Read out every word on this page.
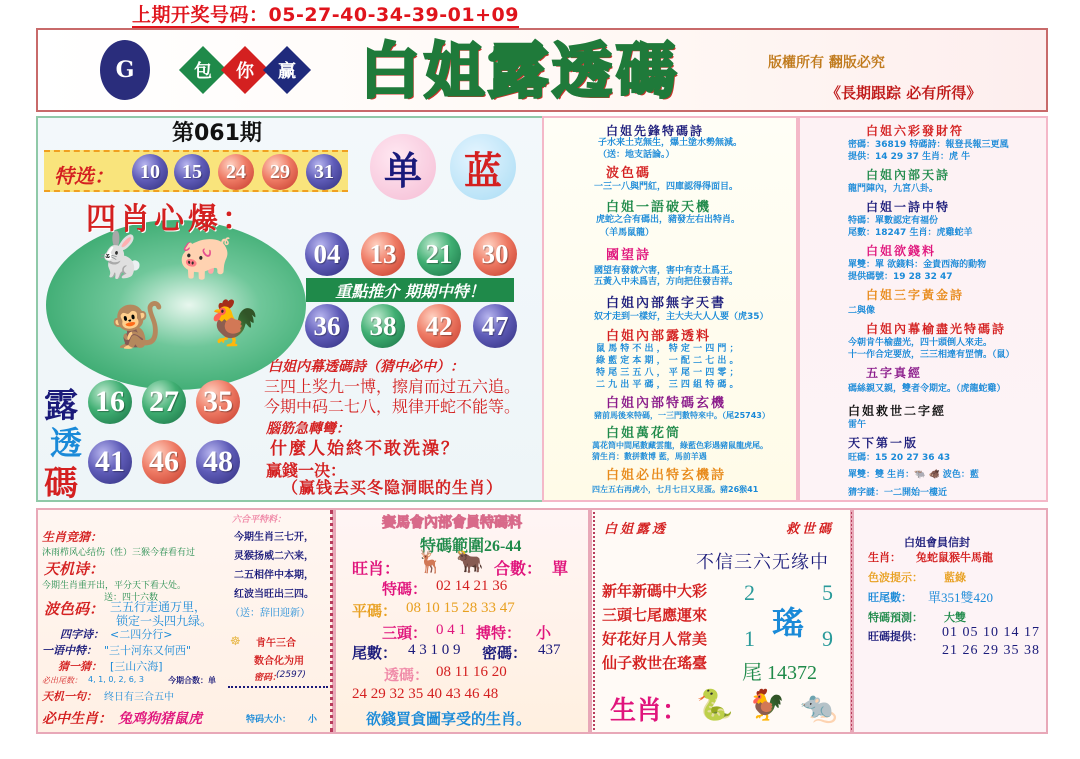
上期开奖号码：05-27-40-34-39-01+09
G	包	你	赢 白姐露透碼	版權所有 翻版必究
《長期跟踪 必有所得》
第061期
特选：	10	15	24	29	31	单	蓝
四肖心爆：
🐇 🐖
🐒 🐓
04	13	21	30
重點推介 期期中特！
36	38	42	47
露
透
碼
16 27 35
41 46 48
白姐内幕透碼詩（猜中必中）：
三四上奖九一博，擦肩而过五六追。
今期中码二七八，规律开蛇不能等。
腦筋急轉彎：
什麼人始終不敢洗澡？
赢錢一决：
（赢钱去买冬隐洞眠的生肖）
白姐先鋒特碼詩
子水来土克無生，爆土塗水勢無減。
（送：地支話論。）
波色碼
一三一八與門紅，四庫認得得面目。
白姐一語破天機
虎蛇之合有碼出，豬發左右出特肖。
（羊馬鼠龍）
國望詩
國望有發就六害，害中有克土爲王。
五黃入中未爲吉，方向把住發吉祥。
白姐內部無字天書
奴才走到一樣好，主大夫大人人要（虎35）
白姐內部露透料
鼠 馬 特 不 出 ， 特 定 一 四 門 ；
綠 藍 定 本 期 ， 一 配 二 七 出 。
特 尾 三 五 八 ， 平 尾 一 四 零 ；
二 九 出 平 碼 ， 三 四 組 特 碼 。
白姐內部特碼玄機
豬前馬後來特碼，一三門數特來中。（尾25743）
白姐萬花筒
萬花筒中間尾數藏雲龍，綠藍色彩遇豬鼠龍虎尾。
猜生肖：數拼數博 藍，馬前羊遇
白姐必出特玄機詩
四左五右再虎小，七月七日又見蛋。豬26猴41
白姐六彩發財符
密碼：36819 特碼詩：報登長報三更風
提供：14 29 37 生肖：虎 牛
白姐內部天詩
龍門陣內，九宮八卦。
白姐一詩中特
特碼：單數認定有福份
尾數：18247 生肖：虎雞蛇羊
白姐欲錢料
單雙：單 欲錢料：金貴西海的動物
提供碼號：19 28 32 47
白姐三字黃金詩
二與像
白姐內幕榆盡光特碼詩
今朝肯牛榆盡光，四十頭倒人來走。
十一作合定要放，三三相達有罡情。（鼠）
五字真經
碼絲親又親，雙者令期定。（虎龍蛇雞）
白姐救世二字經
雷午
天下第一版
旺碼：15 20 27 36 43
單雙：雙 生肖：🐃 🐗 波色：藍
猜字謎：一二開始一樓近
生肖竞猜：
沐雨栉风心结伤（性）三猴今春看有过
天机诗：
今期生肖重开出，平分天下看大处。
送：四十六数
波色码： 三五行走通万里，
锁定一头四九绿。
四字诗： <二四分行>
一语中特： "三十河东又何西"
猜一猜： [三山六海]
必出尾数： 4, 1, 0, 2, 6, 3	今期合数： 单
天机一句： 终日有三合五中
必中生肖： 兔鸡狗猪鼠虎	特码大小： 小
六合平特料：
今期生肖三七开，
灵猴扬威二六来，
二五相伴中本期，
红波当旺出三四。
（送：辞旧迎新）
☸ 肯午三合
数合化为用
密码：
(2597)
賽馬會內部會員特碼料
特碼範圍26-44
旺肖： 🦌 🐂 合數： 單
特碼： 02 14 21 36
平碼： 08 10 15 28 33 47
三頭： 0 4 1 搏特： 小
尾數： 4 3 1 0 9 密碼： 437
透碼： 08 11 16 20
24 29 32 35 40 43 46 48
欲錢買貪圖享受的生肖。
白姐露透	救世碼
不信三六无缘中
新年新碼中大彩
三頭七尾應運來
好花好月人常美
仙子救世在瑤臺
2	5
瑤
1	9
尾 14372
生肖： 🐍 🐓 🐀
白姐會員信封
生肖： 兔蛇鼠猴牛馬龍
色波提示： 藍綠
旺尾數： 單351雙420
特碼預測： 大雙
旺碼提供： 01 05 10 14 17
21 26 29 35 38
